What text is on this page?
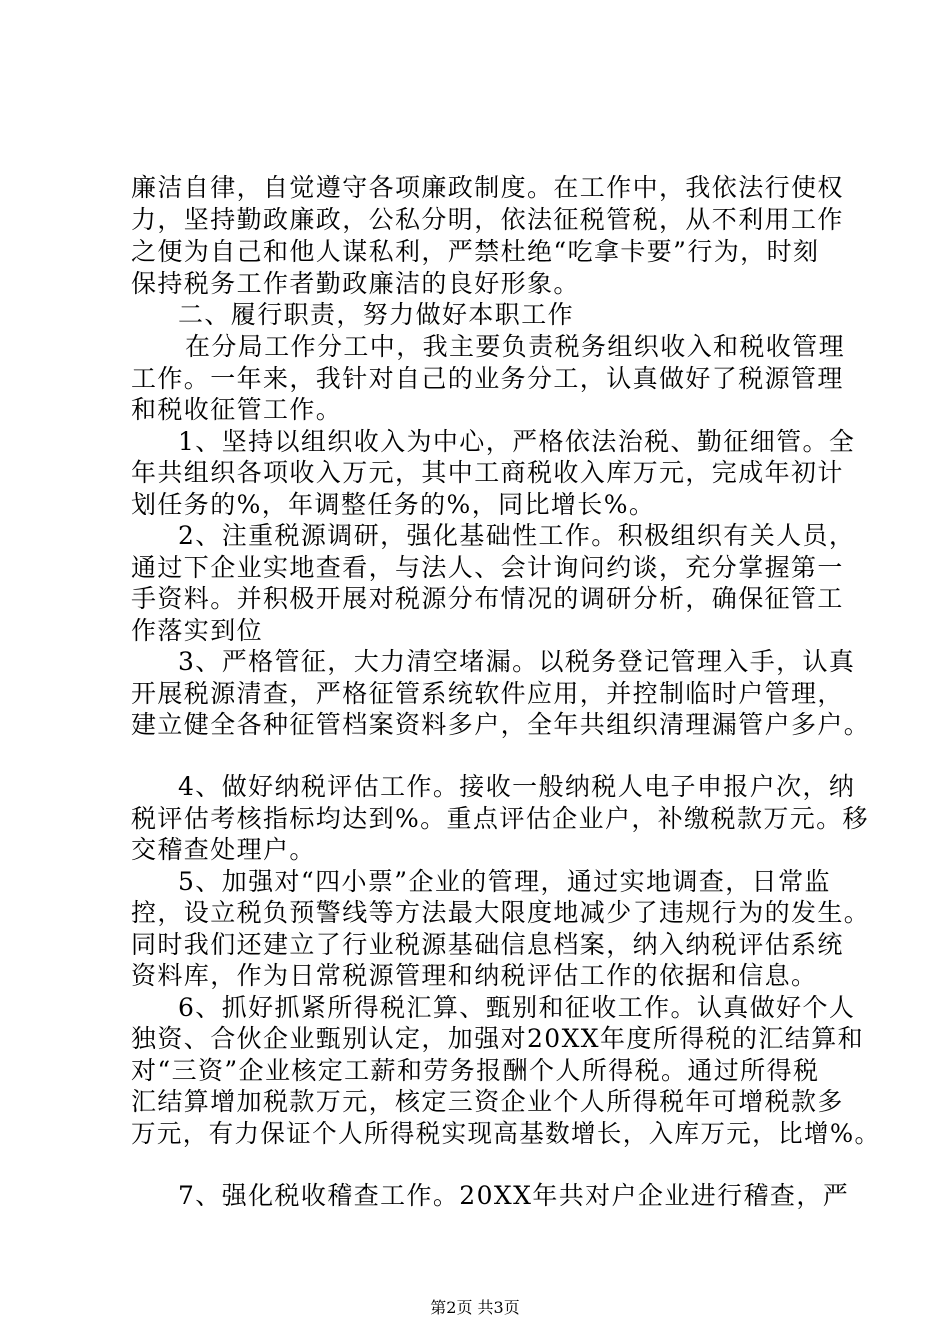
廉洁自律，自觉遵守各项廉政制度。在工作中，我依法行使权
力，坚持勤政廉政，公私分明，依法征税管税，从不利用工作
之便为自己和他人谋私利，严禁杜绝“吃拿卡要”行为，时刻
保持税务工作者勤政廉洁的良好形象。
二、履行职责，努力做好本职工作
在分局工作分工中，我主要负责税务组织收入和税收管理
工作。一年来，我针对自己的业务分工，认真做好了税源管理
和税收征管工作。
1、坚持以组织收入为中心，严格依法治税、勤征细管。全
年共组织各项收入万元，其中工商税收入库万元，完成年初计
划任务的%，年调整任务的%，同比增长%。
2、注重税源调研，强化基础性工作。积极组织有关人员，
通过下企业实地查看，与法人、会计询问约谈，充分掌握第一
手资料。并积极开展对税源分布情况的调研分析，确保征管工
作落实到位
3、严格管征，大力清空堵漏。以税务登记管理入手，认真
开展税源清查，严格征管系统软件应用，并控制临时户管理，
建立健全各种征管档案资料多户，全年共组织清理漏管户多户。
4、做好纳税评估工作。接收一般纳税人电子申报户次，纳
税评估考核指标均达到%。重点评估企业户，补缴税款万元。移
交稽查处理户。
5、加强对“四小票”企业的管理，通过实地调查，日常监
控，设立税负预警线等方法最大限度地减少了违规行为的发生。
同时我们还建立了行业税源基础信息档案，纳入纳税评估系统
资料库，作为日常税源管理和纳税评估工作的依据和信息。
6、抓好抓紧所得税汇算、甄别和征收工作。认真做好个人
独资、合伙企业甄别认定，加强对20XX年度所得税的汇结算和
对“三资”企业核定工薪和劳务报酬个人所得税。通过所得税
汇结算增加税款万元，核定三资企业个人所得税年可增税款多
万元，有力保证个人所得税实现高基数增长，入库万元，比增%。
7、强化税收稽查工作。20XX年共对户企业进行稽查，严
第2页 共3页
